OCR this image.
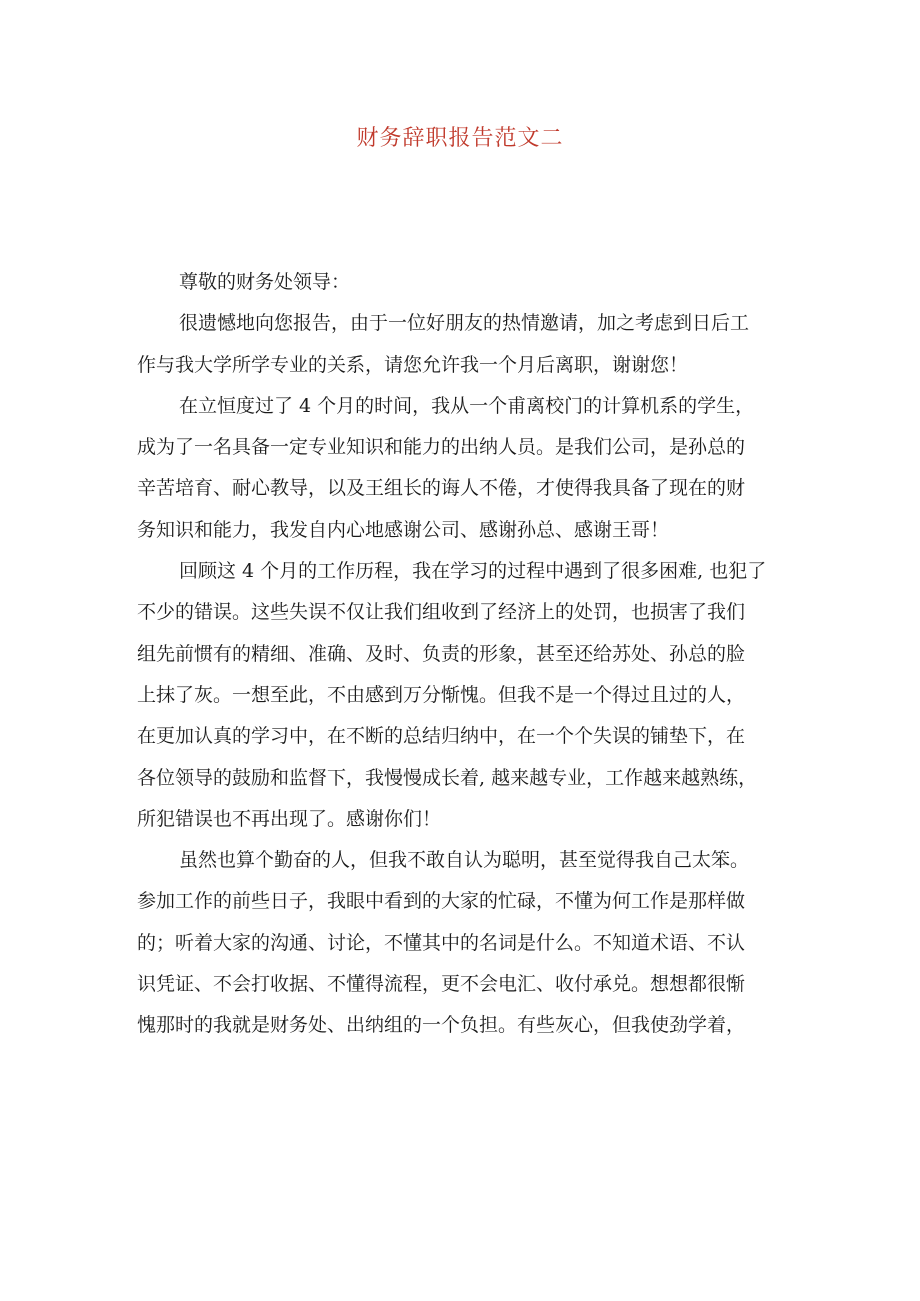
财务辞职报告范文二
尊敬的财务处领导：
很遗憾地向您报告，由于一位好朋友的热情邀请，加之考虑到日后工
作与我大学所学专业的关系，请您允许我一个月后离职，谢谢您！
在立恒度过了 4 个月的时间，我从一个甫离校门的计算机系的学生，
成为了一名具备一定专业知识和能力的出纳人员。是我们公司，是孙总的
辛苦培育、耐心教导，以及王组长的诲人不倦，才使得我具备了现在的财
务知识和能力，我发自内心地感谢公司、感谢孙总、感谢王哥！
回顾这 4 个月的工作历程，我在学习的过程中遇到了很多困难, 也犯了
不少的错误。这些失误不仅让我们组收到了经济上的处罚，也损害了我们
组先前惯有的精细、准确、及时、负责的形象，甚至还给苏处、孙总的脸
上抹了灰。一想至此，不由感到万分惭愧。但我不是一个得过且过的人，
在更加认真的学习中，在不断的总结归纳中，在一个个失误的铺垫下，在
各位领导的鼓励和监督下，我慢慢成长着, 越来越专业，工作越来越熟练，
所犯错误也不再出现了。感谢你们！
虽然也算个勤奋的人，但我不敢自认为聪明，甚至觉得我自己太笨。
参加工作的前些日子，我眼中看到的大家的忙碌，不懂为何工作是那样做
的；听着大家的沟通、讨论，不懂其中的名词是什么。不知道术语、不认
识凭证、不会打收据、不懂得流程，更不会电汇、收付承兑。想想都很惭
愧那时的我就是财务处、出纳组的一个负担。有些灰心，但我使劲学着，
